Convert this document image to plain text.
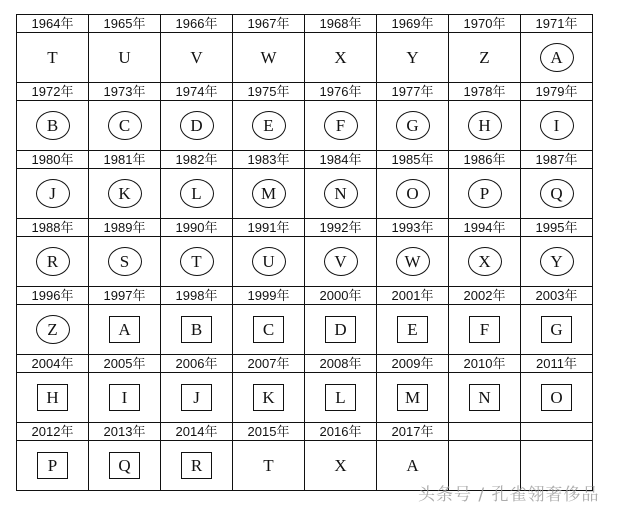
1964年	1965年	1966年	1967年	1968年	1969年	1970年	1971年
T	U	V	W	X	Y	Z	A
1972年	1973年	1974年	1975年	1976年	1977年	1978年	1979年
B	C	D	E	F	G	H	I
1980年	1981年	1982年	1983年	1984年	1985年	1986年	1987年
J	K	L	M	N	O	P	Q
1988年	1989年	1990年	1991年	1992年	1993年	1994年	1995年
R	S	T	U	V	W	X	Y
1996年	1997年	1998年	1999年	2000年	2001年	2002年	2003年
Z	A	B	C	D	E	F	G
2004年	2005年	2006年	2007年	2008年	2009年	2010年	2011年
H	I	J	K	L	M	N	O
2012年	2013年	2014年	2015年	2016年	2017年		
P	Q	R	T	X	A		
头条号 / 孔雀翎奢侈品
